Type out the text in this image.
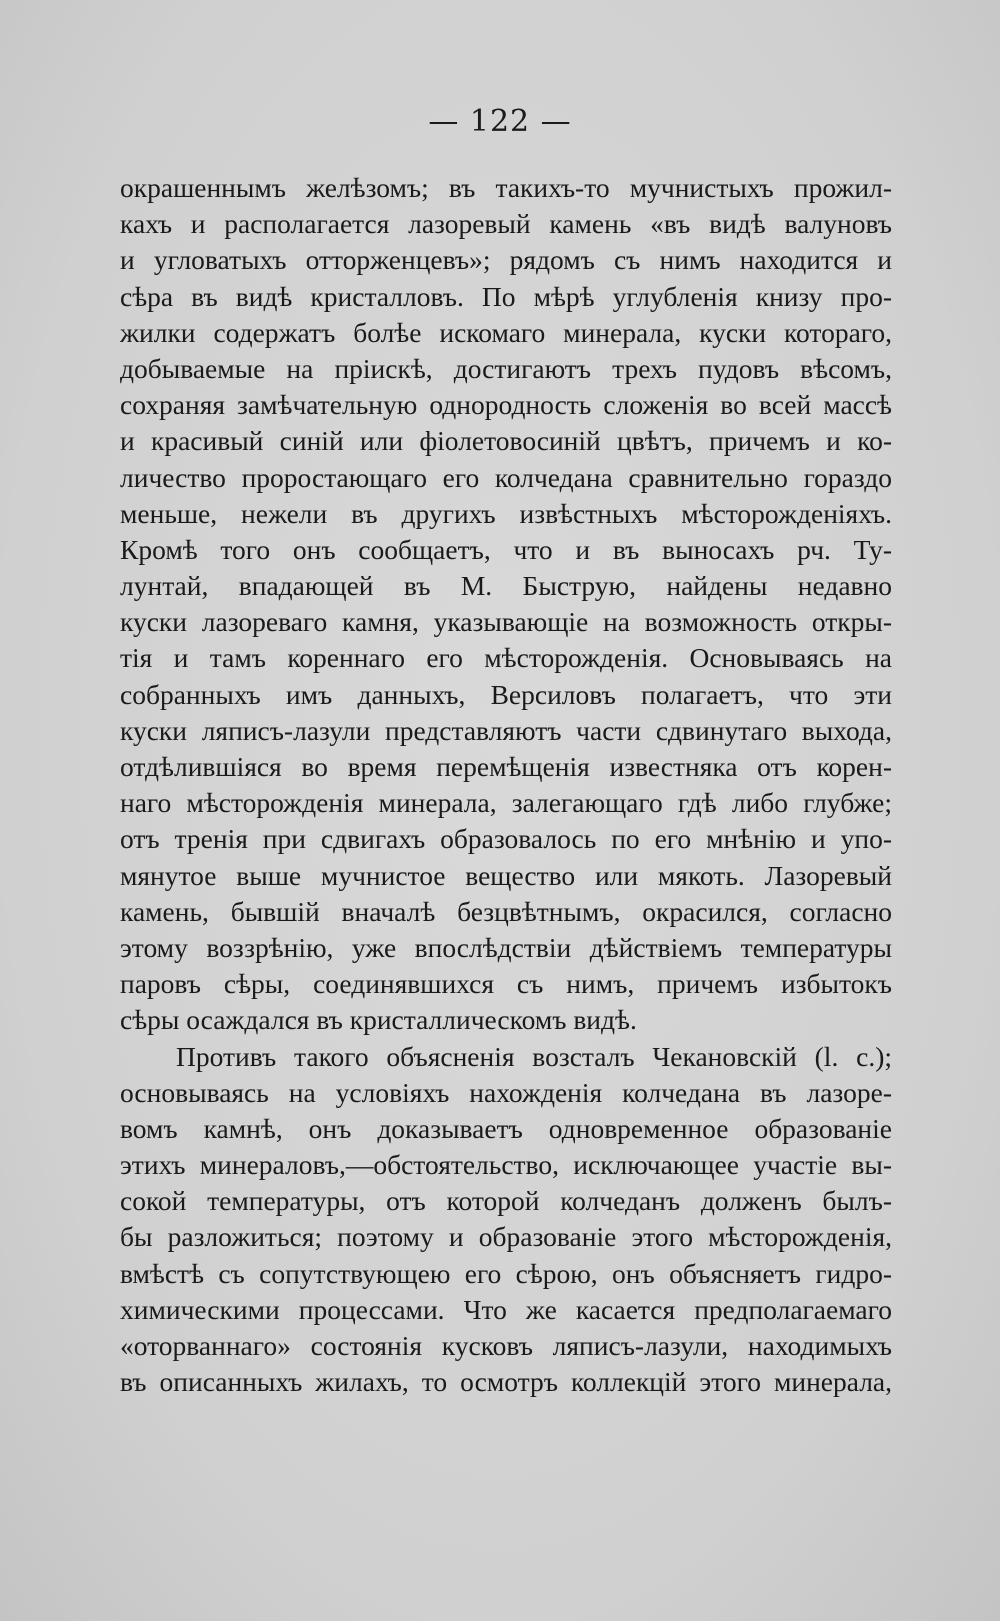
— 122 —
окрашеннымъ желѣзомъ; въ такихъ-то мучнистыхъ прожил-
кахъ и располагается лазоревый камень «въ видѣ валуновъ
и угловатыхъ отторженцевъ»; рядомъ съ нимъ находится и
сѣра въ видѣ кристалловъ. По мѣрѣ углубленія книзу про-
жилки содержатъ болѣе искомаго минерала, куски котораго,
добываемые на пріискѣ, достигаютъ трехъ пудовъ вѣсомъ,
сохраняя замѣчательную однородность сложенія во всей массѣ
и красивый синій или фіолетовосиній цвѣтъ, причемъ и ко-
личество проростающаго его колчедана сравнительно гораздо
меньше, нежели въ другихъ извѣстныхъ мѣсторожденіяхъ.
Кромѣ того онъ сообщаетъ, что и въ выносахъ рч. Ту-
лунтай, впадающей въ М. Быструю, найдены недавно
куски лазореваго камня, указывающіе на возможность откры-
тія и тамъ кореннаго его мѣсторожденія. Основываясь на
собранныхъ имъ данныхъ, Версиловъ полагаетъ, что эти
куски ляписъ-лазули представляютъ части сдвинутаго выхода,
отдѣлившіяся во время перемѣщенія известняка отъ корен-
наго мѣсторожденія минерала, залегающаго гдѣ либо глубже;
отъ тренія при сдвигахъ образовалось по его мнѣнію и упо-
мянутое выше мучнистое вещество или мякоть. Лазоревый
камень, бывшій вначалѣ безцвѣтнымъ, окрасился, согласно
этому воззрѣнію, уже впослѣдствіи дѣйствіемъ температуры
паровъ сѣры, соединявшихся съ нимъ, причемъ избытокъ
сѣры осаждался въ кристаллическомъ видѣ.
Противъ такого объясненія возсталъ Чекановскій (l. c.);
основываясь на условіяхъ нахожденія колчедана въ лазоре-
вомъ камнѣ, онъ доказываетъ одновременное образованіе
этихъ минераловъ,—обстоятельство, исключающее участіе вы-
сокой температуры, отъ которой колчеданъ долженъ былъ-
бы разложиться; поэтому и образованіе этого мѣсторожденія,
вмѣстѣ съ сопутствующею его сѣрою, онъ объясняетъ гидро-
химическими процессами. Что же касается предполагаемаго
«оторваннаго» состоянія кусковъ ляписъ-лазули, находимыхъ
въ описанныхъ жилахъ, то осмотръ коллекцій этого минерала,
